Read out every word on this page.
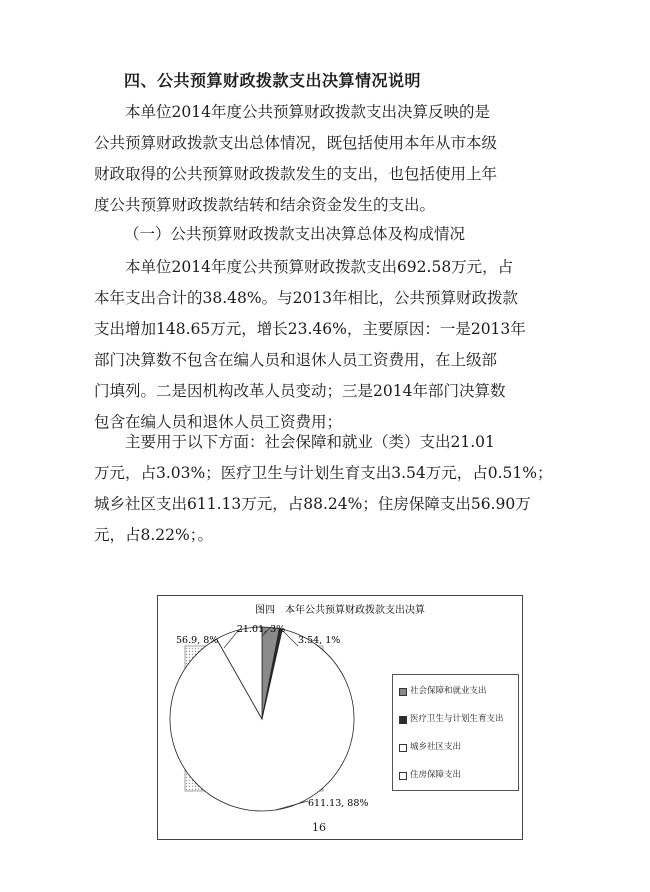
四、公共预算财政拨款支出决算情况说明
本单位2014年度公共预算财政拨款支出决算反映的是
公共预算财政拨款支出总体情况，既包括使用本年从市本级
财政取得的公共预算财政拨款发生的支出，也包括使用上年
度公共预算财政拨款结转和结余资金发生的支出。
（一）公共预算财政拨款支出决算总体及构成情况
本单位2014年度公共预算财政拨款支出692.58万元，占
本年支出合计的38.48%。与2013年相比，公共预算财政拨款
支出增加148.65万元，增长23.46%，主要原因：一是2013年
部门决算数不包含在编人员和退休人员工资费用，在上级部
门填列。二是因机构改革人员变动；三是2014年部门决算数
包含在编人员和退休人员工资费用；
主要用于以下方面：社会保障和就业（类）支出21.01
万元，占3.03%；医疗卫生与计划生育支出3.54万元，占0.51%；
城乡社区支出611.13万元，占88.24%；住房保障支出56.90万
元，占8.22%；。
图四　本年公共预算财政拨款支出决算
21.01, 3%
3.54, 1%
611.13, 88%
56.9, 8%
社会保障和就业支出
医疗卫生与计划生育支出
城乡社区支出
住房保障支出
16
